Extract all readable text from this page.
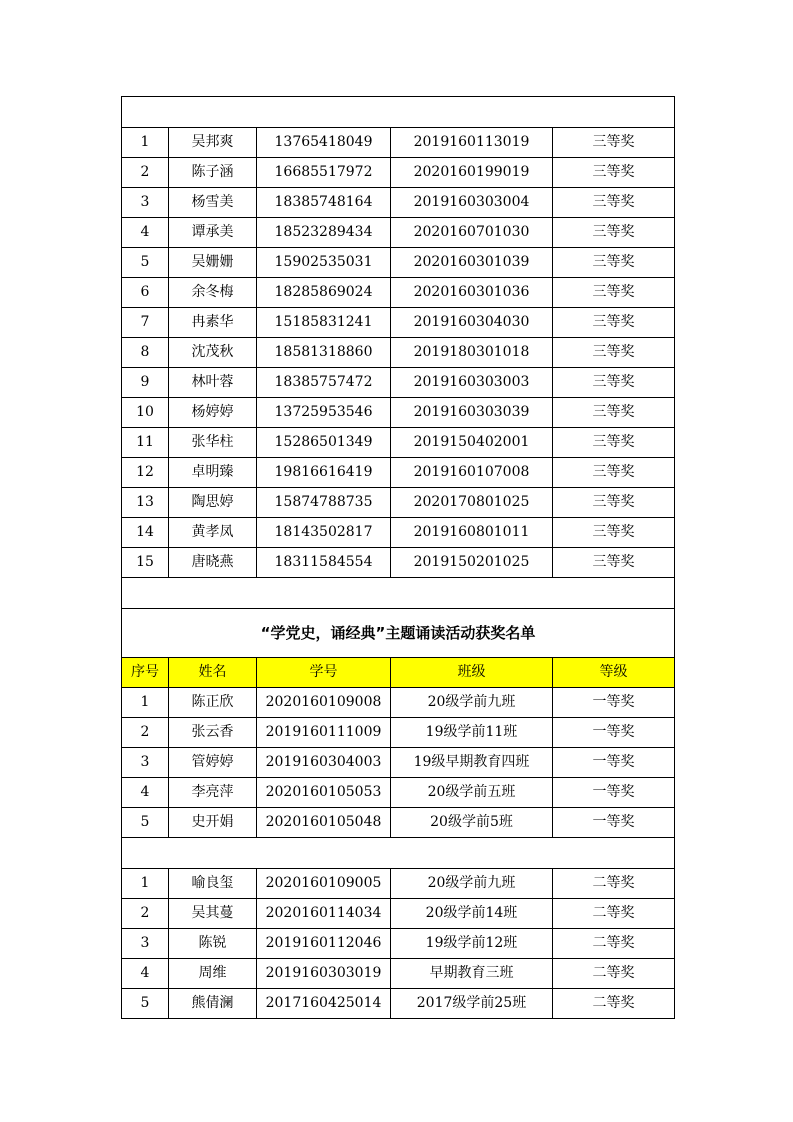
1	吴邦爽	13765418049	2019160113019	三等奖
2	陈子涵	16685517972	2020160199019	三等奖
3	杨雪美	18385748164	2019160303004	三等奖
4	谭承美	18523289434	2020160701030	三等奖
5	吴姗姗	15902535031	2020160301039	三等奖
6	余冬梅	18285869024	2020160301036	三等奖
7	冉素华	15185831241	2019160304030	三等奖
8	沈茂秋	18581318860	2019180301018	三等奖
9	林叶蓉	18385757472	2019160303003	三等奖
10	杨婷婷	13725953546	2019160303039	三等奖
11	张华柱	15286501349	2019150402001	三等奖
12	卓明臻	19816616419	2019160107008	三等奖
13	陶思婷	15874788735	2020170801025	三等奖
14	黄孝凤	18143502817	2019160801011	三等奖
15	唐晓燕	18311584554	2019150201025	三等奖

“学党史，诵经典”主题诵读活动获奖名单				
序号	姓名	学号	班级	等级
1	陈正欣	2020160109008	20级学前九班	一等奖
2	张云香	2019160111009	19级学前11班	一等奖
3	管婷婷	2019160304003	19级早期教育四班	一等奖
4	李亮萍	2020160105053	20级学前五班	一等奖
5	史开娟	2020160105048	20级学前5班	一等奖

1	喻良玺	2020160109005	20级学前九班	二等奖
2	吴其蔓	2020160114034	20级学前14班	二等奖
3	陈锐	2019160112046	19级学前12班	二等奖
4	周维	2019160303019	早期教育三班	二等奖
5	熊倩澜	2017160425014	2017级学前25班	二等奖
